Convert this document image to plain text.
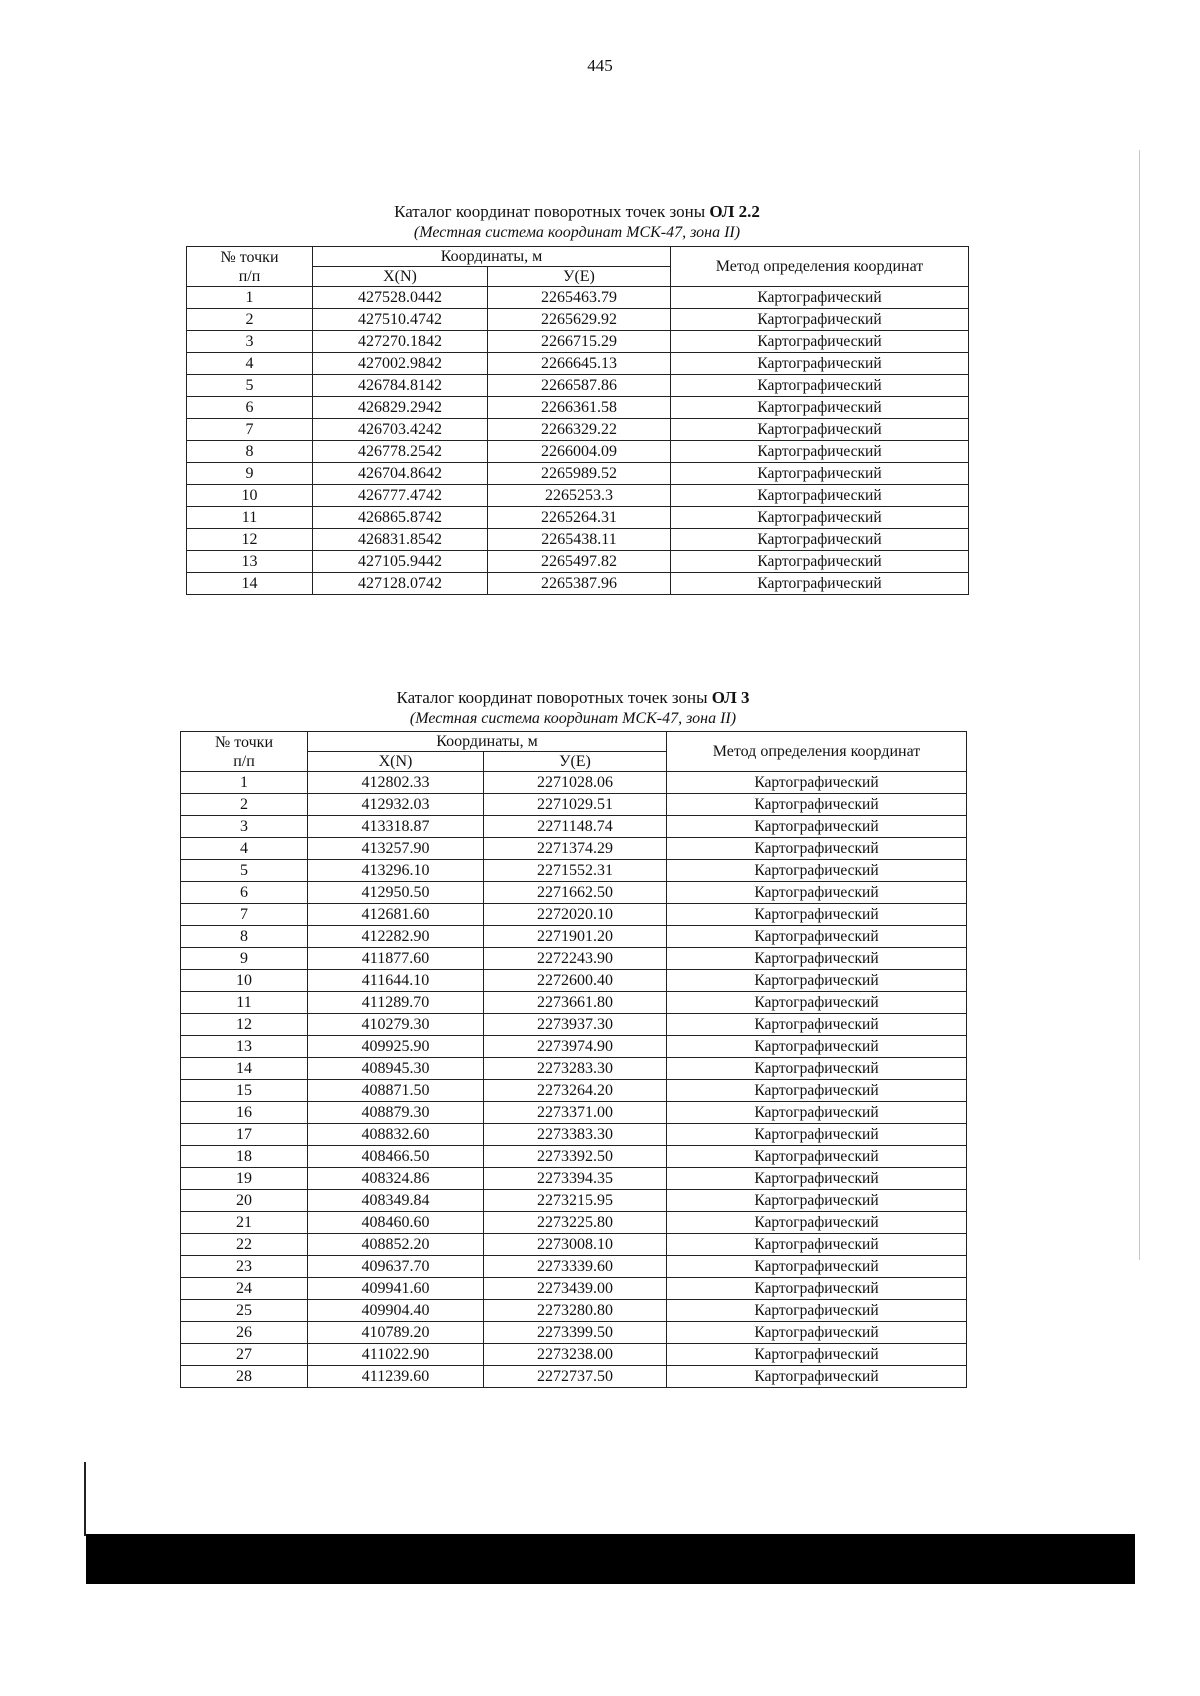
445
Каталог координат поворотных точек зоны ОЛ 2.2
(Местная система координат МСК-47, зона II)
№ точки
п/п	Координаты, м		Метод определения координат
	X(N)	У(Е)	
1	427528.0442	2265463.79	Картографический
2	427510.4742	2265629.92	Картографический
3	427270.1842	2266715.29	Картографический
4	427002.9842	2266645.13	Картографический
5	426784.8142	2266587.86	Картографический
6	426829.2942	2266361.58	Картографический
7	426703.4242	2266329.22	Картографический
8	426778.2542	2266004.09	Картографический
9	426704.8642	2265989.52	Картографический
10	426777.4742	2265253.3	Картографический
11	426865.8742	2265264.31	Картографический
12	426831.8542	2265438.11	Картографический
13	427105.9442	2265497.82	Картографический
14	427128.0742	2265387.96	Картографический
Каталог координат поворотных точек зоны ОЛ 3
(Местная система координат МСК-47, зона II)
№ точки
п/п	Координаты, м		Метод определения координат
	X(N)	У(Е)	
1	412802.33	2271028.06	Картографический
2	412932.03	2271029.51	Картографический
3	413318.87	2271148.74	Картографический
4	413257.90	2271374.29	Картографический
5	413296.10	2271552.31	Картографический
6	412950.50	2271662.50	Картографический
7	412681.60	2272020.10	Картографический
8	412282.90	2271901.20	Картографический
9	411877.60	2272243.90	Картографический
10	411644.10	2272600.40	Картографический
11	411289.70	2273661.80	Картографический
12	410279.30	2273937.30	Картографический
13	409925.90	2273974.90	Картографический
14	408945.30	2273283.30	Картографический
15	408871.50	2273264.20	Картографический
16	408879.30	2273371.00	Картографический
17	408832.60	2273383.30	Картографический
18	408466.50	2273392.50	Картографический
19	408324.86	2273394.35	Картографический
20	408349.84	2273215.95	Картографический
21	408460.60	2273225.80	Картографический
22	408852.20	2273008.10	Картографический
23	409637.70	2273339.60	Картографический
24	409941.60	2273439.00	Картографический
25	409904.40	2273280.80	Картографический
26	410789.20	2273399.50	Картографический
27	411022.90	2273238.00	Картографический
28	411239.60	2272737.50	Картографический
